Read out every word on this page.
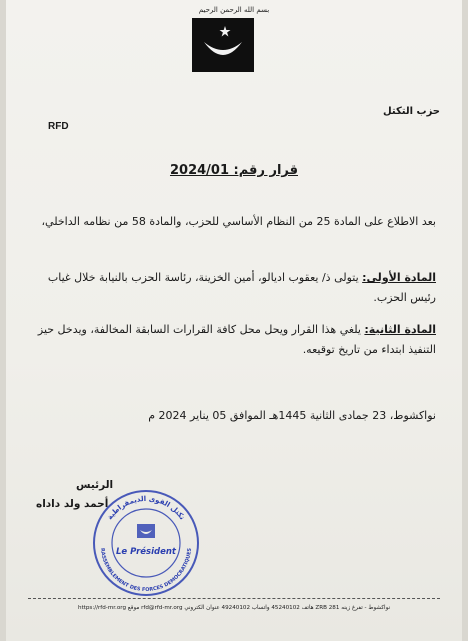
بسم الله الرحمن الرحيم
حزب التكتل
RFD
قرار رقم: 2024/01
بعد الاطلاع على المادة 25 من النظام الأساسي للحزب، والمادة 58 من نظامه الداخلي،
المادة الأولى: يتولى ذ/ يعقوب اديالو، أمين الخزينة، رئاسة الحزب بالنيابة خلال غياب رئيس الحزب.
المادة الثانية: يلغي هذا القرار ويحل محل كافة القرارات السابقة المخالفة، ويدخل حيز التنفيذ ابتداء من تاريخ توقيعه.
نواكشوط، 23 جمادى الثانية 1445هـ الموافق 05 يناير 2024 م
الرئيس
أحمد ولد داداه
تكتل القوى الديمقراطية
RASSEMBLEMENT DES FORCES DEMOCRATIQUES
Le Président
نواكشوط - تفرغ زينه 281 ZRB هاتف 45240102 واتساب 49240102 عنوان الكتروني rfd@rfd-mr.org موقع https://rfd-mr.org
